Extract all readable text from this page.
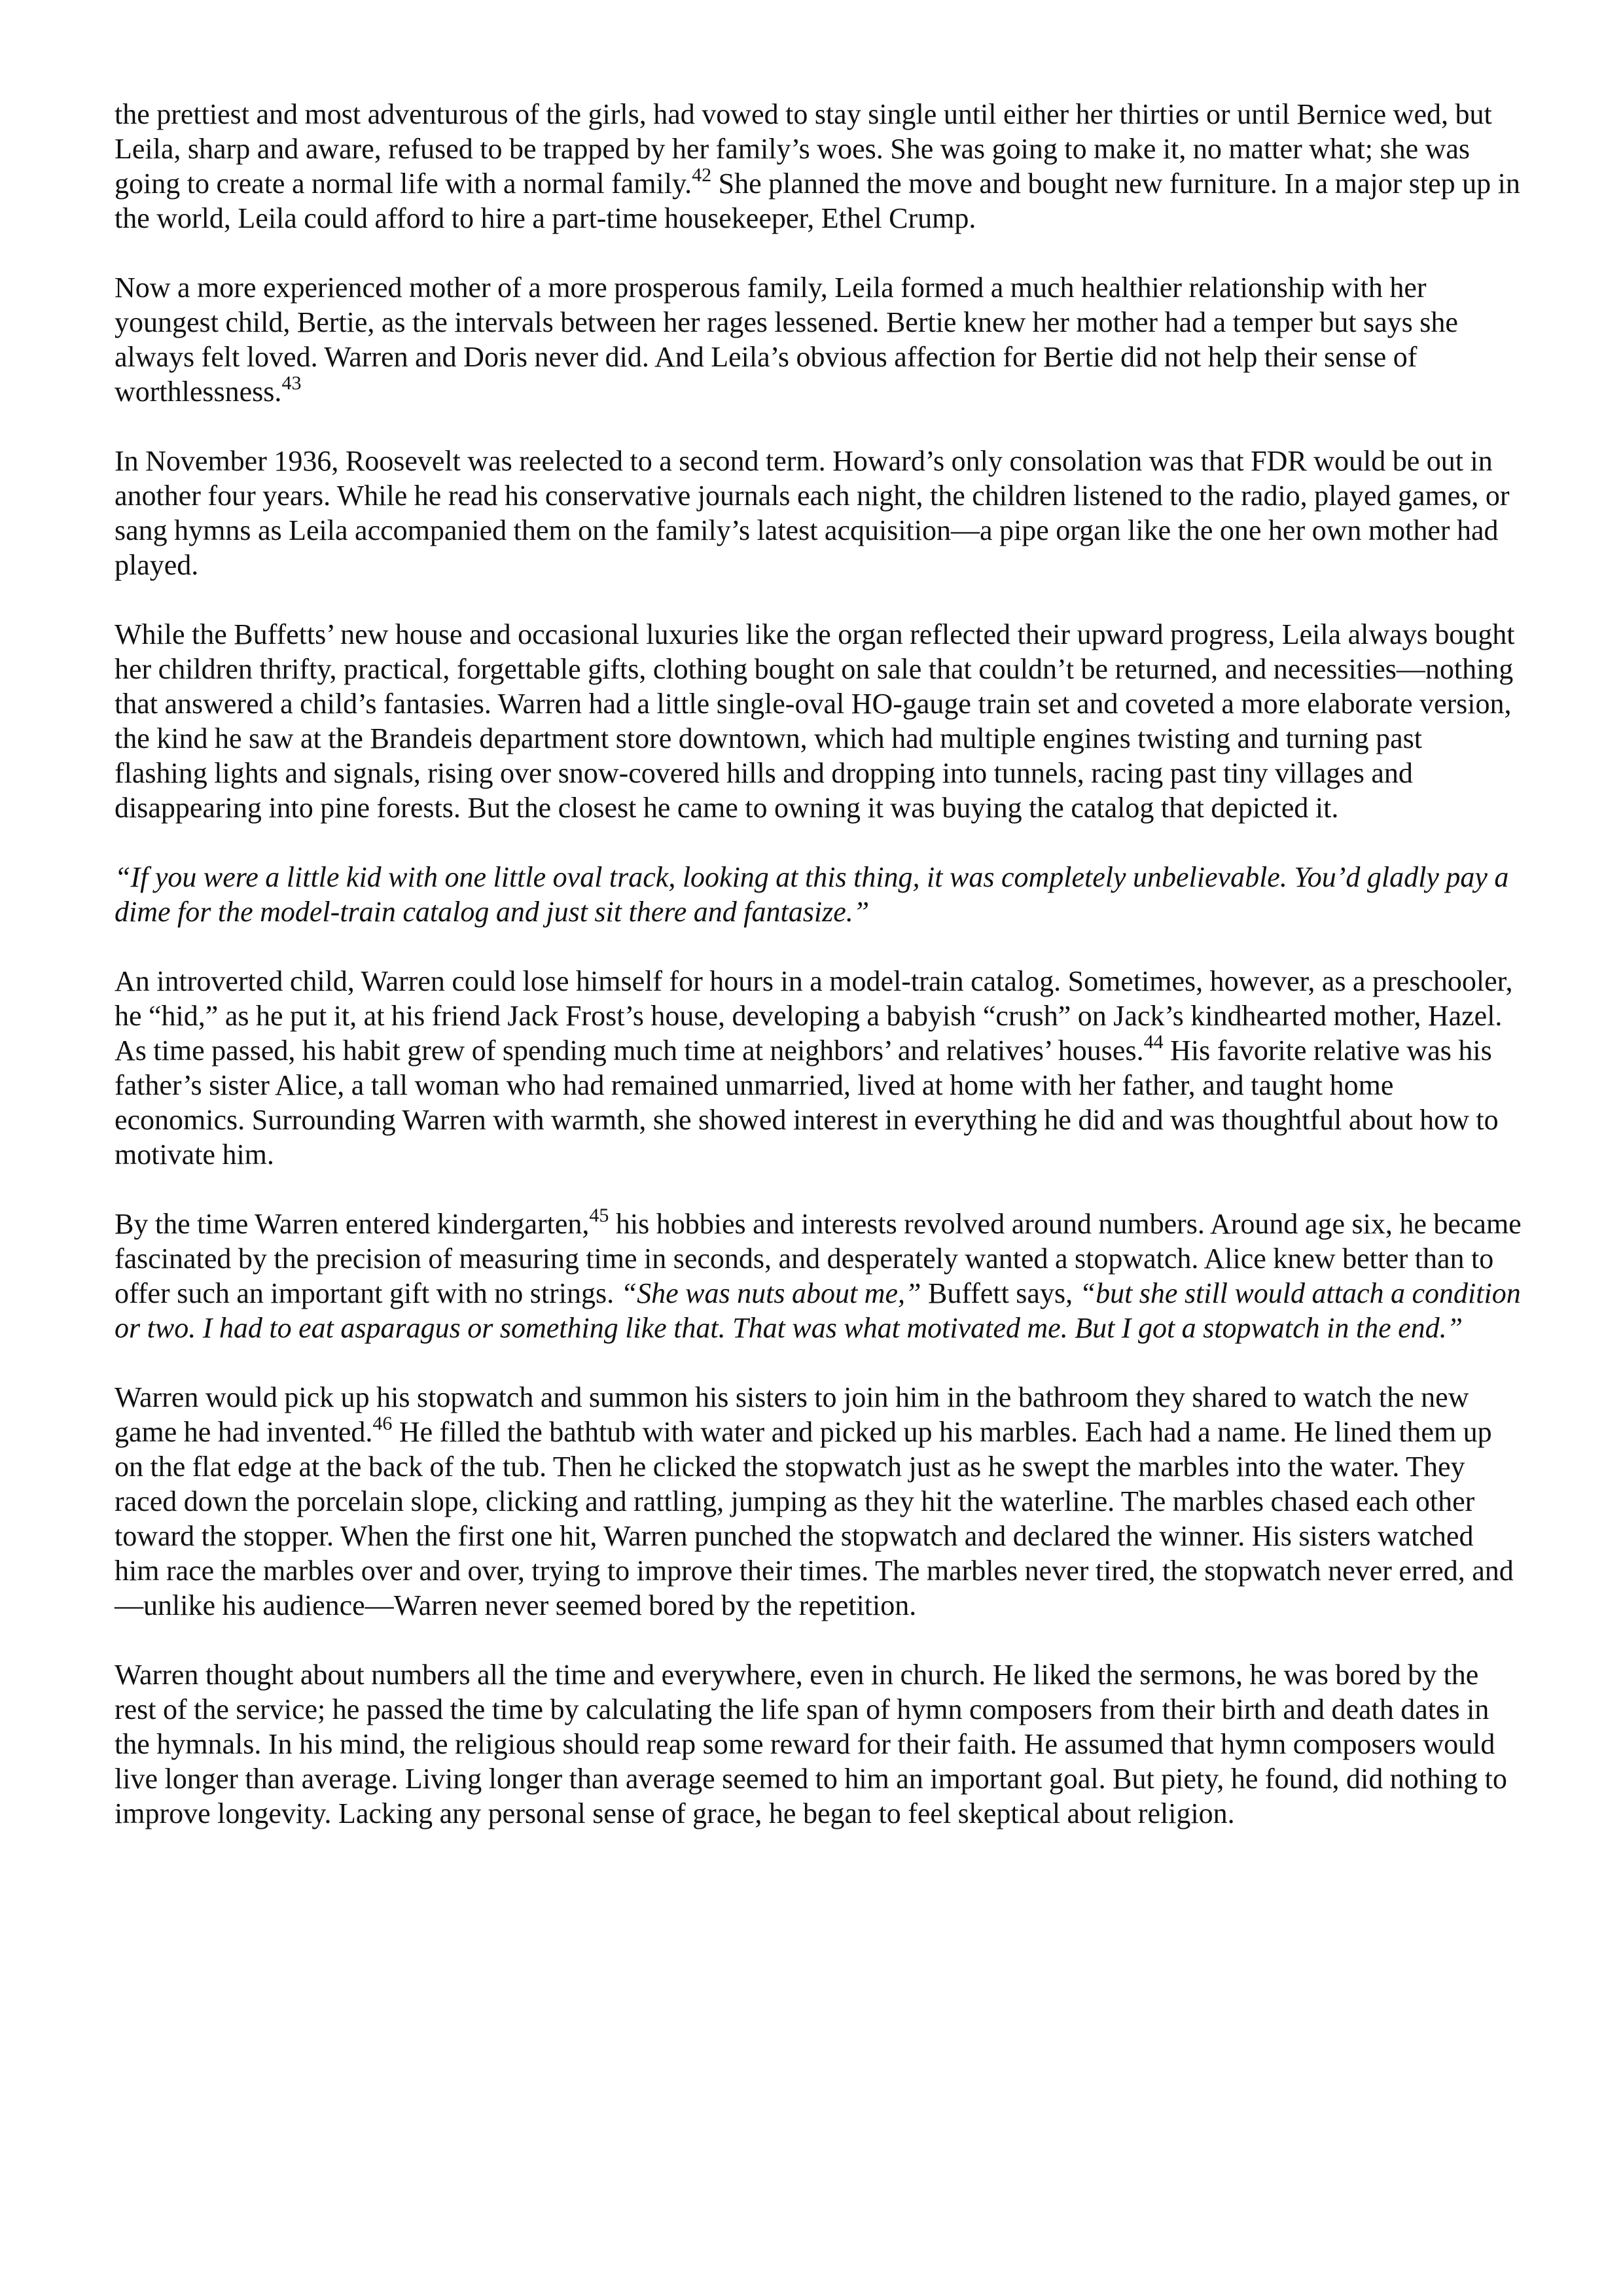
the prettiest and most adventurous of the girls, had vowed to stay single until either her thirties or until Bernice wed, but Leila, sharp and aware, refused to be trapped by her family’s woes. She was going to make it, no matter what; she was going to create a normal life with a normal family.$^{42}$ She planned the move and bought new furniture. In a major step up in the world, Leila could afford to hire a part-time housekeeper, Ethel Crump.

Now a more experienced mother of a more prosperous family, Leila formed a much healthier relationship with her youngest child, Bertie, as the intervals between her rages lessened. Bertie knew her mother had a temper but says she always felt loved. Warren and Doris never did. And Leila’s obvious affection for Bertie did not help their sense of worthlessness.$^{43}$

In November 1936, Roosevelt was reelected to a second term. Howard’s only consolation was that FDR would be out in another four years. While he read his conservative journals each night, the children listened to the radio, played games, or sang hymns as Leila accompanied them on the family’s latest acquisition—a pipe organ like the one her own mother had played.

While the Buffetts’ new house and occasional luxuries like the organ reflected their upward progress, Leila always bought her children thrifty, practical, forgettable gifts, clothing bought on sale that couldn’t be returned, and necessities—nothing that answered a child’s fantasies. Warren had a little single-oval HO-gauge train set and coveted a more elaborate version, the kind he saw at the Brandeis department store downtown, which had multiple engines twisting and turning past flashing lights and signals, rising over snow-covered hills and dropping into tunnels, racing past tiny villages and disappearing into pine forests. But the closest he came to owning it was buying the catalog that depicted it.

“If you were a little kid with one little oval track, looking at this thing, it was completely unbelievable. You’d gladly pay a dime for the model-train catalog and just sit there and fantasize.”

An introverted child, Warren could lose himself for hours in a model-train catalog. Sometimes, however, as a preschooler, he “hid,” as he put it, at his friend Jack Frost’s house, developing a babyish “crush” on Jack’s kindhearted mother, Hazel. As time passed, his habit grew of spending much time at neighbors’ and relatives’ houses.$^{44}$ His favorite relative was his father’s sister Alice, a tall woman who had remained unmarried, lived at home with her father, and taught home economics. Surrounding Warren with warmth, she showed interest in everything he did and was thoughtful about how to motivate him.

By the time Warren entered kindergarten,$^{45}$ his hobbies and interests revolved around numbers. Around age six, he became fascinated by the precision of measuring time in seconds, and desperately wanted a stopwatch. Alice knew better than to offer such an important gift with no strings. “She was nuts about me,” Buffett says, “but she still would attach a condition or two. I had to eat asparagus or something like that. That was what motivated me. But I got a stopwatch in the end.”

Warren would pick up his stopwatch and summon his sisters to join him in the bathroom they shared to watch the new game he had invented.$^{46}$ He filled the bathtub with water and picked up his marbles. Each had a name. He lined them up on the flat edge at the back of the tub. Then he clicked the stopwatch just as he swept the marbles into the water. They raced down the porcelain slope, clicking and rattling, jumping as they hit the waterline. The marbles chased each other toward the stopper. When the first one hit, Warren punched the stopwatch and declared the winner. His sisters watched him race the marbles over and over, trying to improve their times. The marbles never tired, the stopwatch never erred, and—unlike his audience—Warren never seemed bored by the repetition.

Warren thought about numbers all the time and everywhere, even in church. He liked the sermons, he was bored by the rest of the service; he passed the time by calculating the life span of hymn composers from their birth and death dates in the hymnals. In his mind, the religious should reap some reward for their faith. He assumed that hymn composers would live longer than average. Living longer than average seemed to him an important goal. But piety, he found, did nothing to improve longevity. Lacking any personal sense of grace, he began to feel skeptical about religion.
